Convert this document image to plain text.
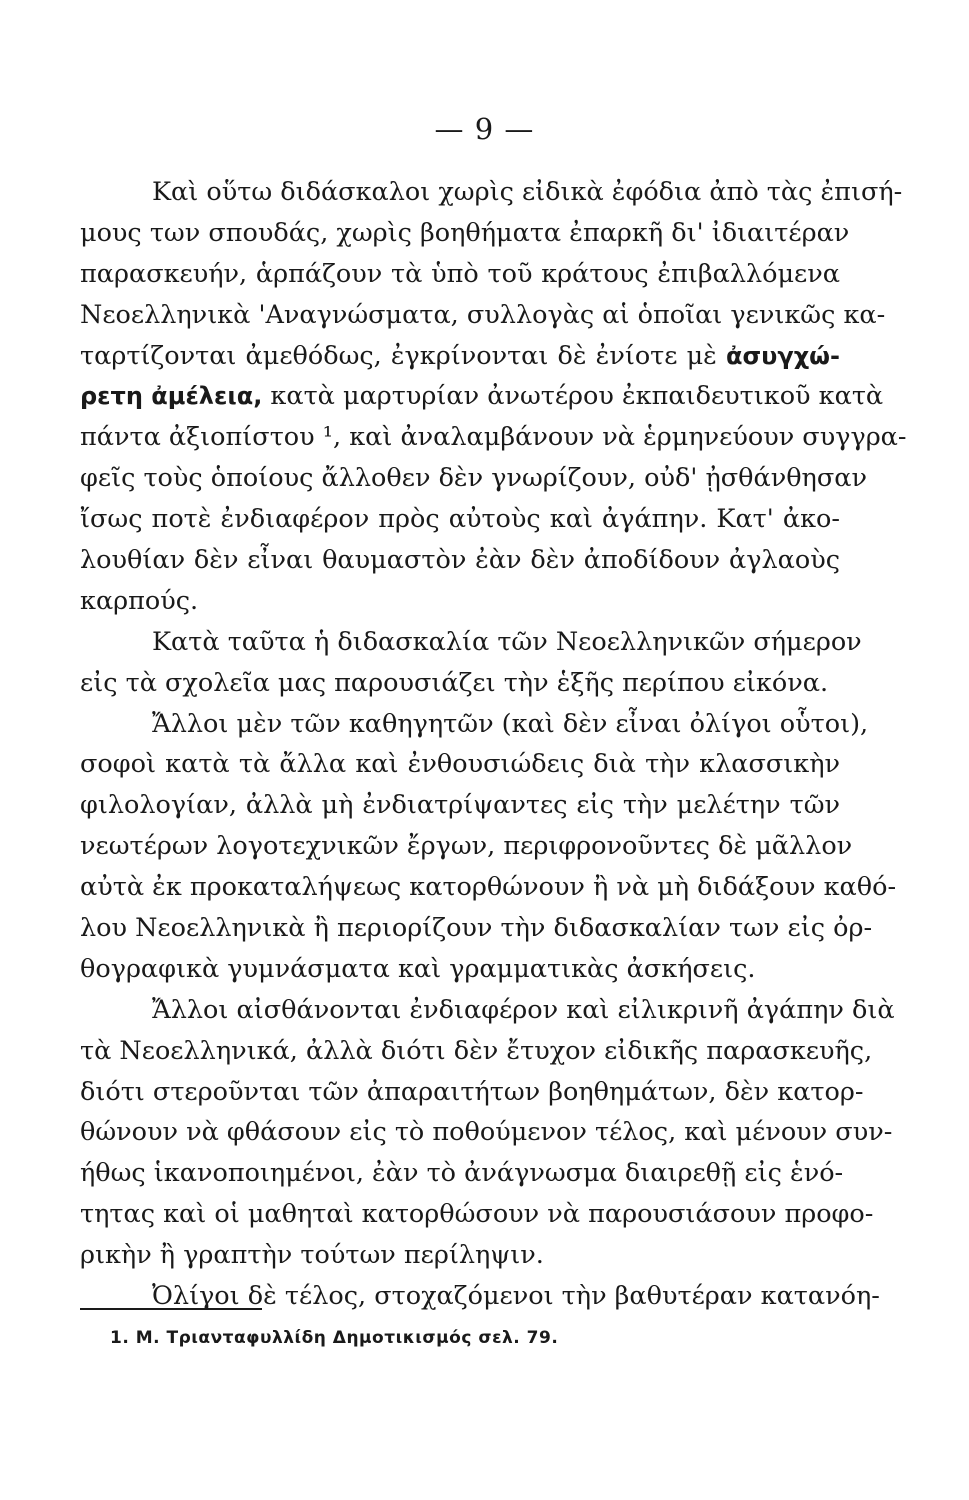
— 9 —
Καὶ οὕτω διδάσκαλοι χωρὶς εἰδικὰ ἐφόδια ἀπὸ τὰς ἐπισή-
μους των σπουδάς, χωρὶς βοηθήματα ἐπαρκῆ δι' ἰδιαιτέραν
παρασκευήν, ἁρπάζουν τὰ ὑπὸ τοῦ κράτους ἐπιβαλλόμενα
Νεοελληνικὰ 'Αναγνώσματα, συλλογὰς αἱ ὁποῖαι γενικῶς κα-
ταρτίζονται ἀμεθόδως, ἐγκρίνονται δὲ ἐνίοτε μὲ ἀσυγχώ-
ρετη ἀμέλεια, κατὰ μαρτυρίαν ἀνωτέρου ἐκπαιδευτικοῦ κατὰ
πάντα ἀξιοπίστου ¹, καὶ ἀναλαμβάνουν νὰ ἑρμηνεύουν συγγρα-
φεῖς τοὺς ὁποίους ἄλλοθεν δὲν γνωρίζουν, οὐδ' ᾐσθάνθησαν
ἴσως ποτὲ ἐνδιαφέρον πρὸς αὐτοὺς καὶ ἀγάπην. Κατ' ἀκο-
λουθίαν δὲν εἶναι θαυμαστὸν ἐὰν δὲν ἀποδίδουν ἀγλαοὺς
καρπούς.
Κατὰ ταῦτα ἡ διδασκαλία τῶν Νεοελληνικῶν σήμερον
εἰς τὰ σχολεῖα μας παρουσιάζει τὴν ἑξῆς περίπου εἰκόνα.
Ἄλλοι μὲν τῶν καθηγητῶν (καὶ δὲν εἶναι ὀλίγοι οὗτοι),
σοφοὶ κατὰ τὰ ἄλλα καὶ ἐνθουσιώδεις διὰ τὴν κλασσικὴν
φιλολογίαν, ἀλλὰ μὴ ἐνδιατρίψαντες εἰς τὴν μελέτην τῶν
νεωτέρων λογοτεχνικῶν ἔργων, περιφρονοῦντες δὲ μᾶλλον
αὐτὰ ἐκ προκαταλήψεως κατορθώνουν ἢ νὰ μὴ διδάξουν καθό-
λου Νεοελληνικὰ ἢ περιορίζουν τὴν διδασκαλίαν των εἰς ὀρ-
θογραφικὰ γυμνάσματα καὶ γραμματικὰς ἀσκήσεις.
Ἄλλοι αἰσθάνονται ἐνδιαφέρον καὶ εἰλικρινῆ ἀγάπην διὰ
τὰ Νεοελληνικά, ἀλλὰ διότι δὲν ἔτυχον εἰδικῆς παρασκευῆς,
διότι στεροῦνται τῶν ἀπαραιτήτων βοηθημάτων, δὲν κατορ-
θώνουν νὰ φθάσουν εἰς τὸ ποθούμενον τέλος, καὶ μένουν συν-
ήθως ἱκανοποιημένοι, ἐὰν τὸ ἀνάγνωσμα διαιρεθῇ εἰς ἑνό-
τητας καὶ οἱ μαθηταὶ κατορθώσουν νὰ παρουσιάσουν προφο-
ρικὴν ἢ γραπτὴν τούτων περίληψιν.
Ὀλίγοι δὲ τέλος, στοχαζόμενοι τὴν βαθυτέραν κατανόη-
1. Μ. Τριανταφυλλίδη Δημοτικισμός σελ. 79.
